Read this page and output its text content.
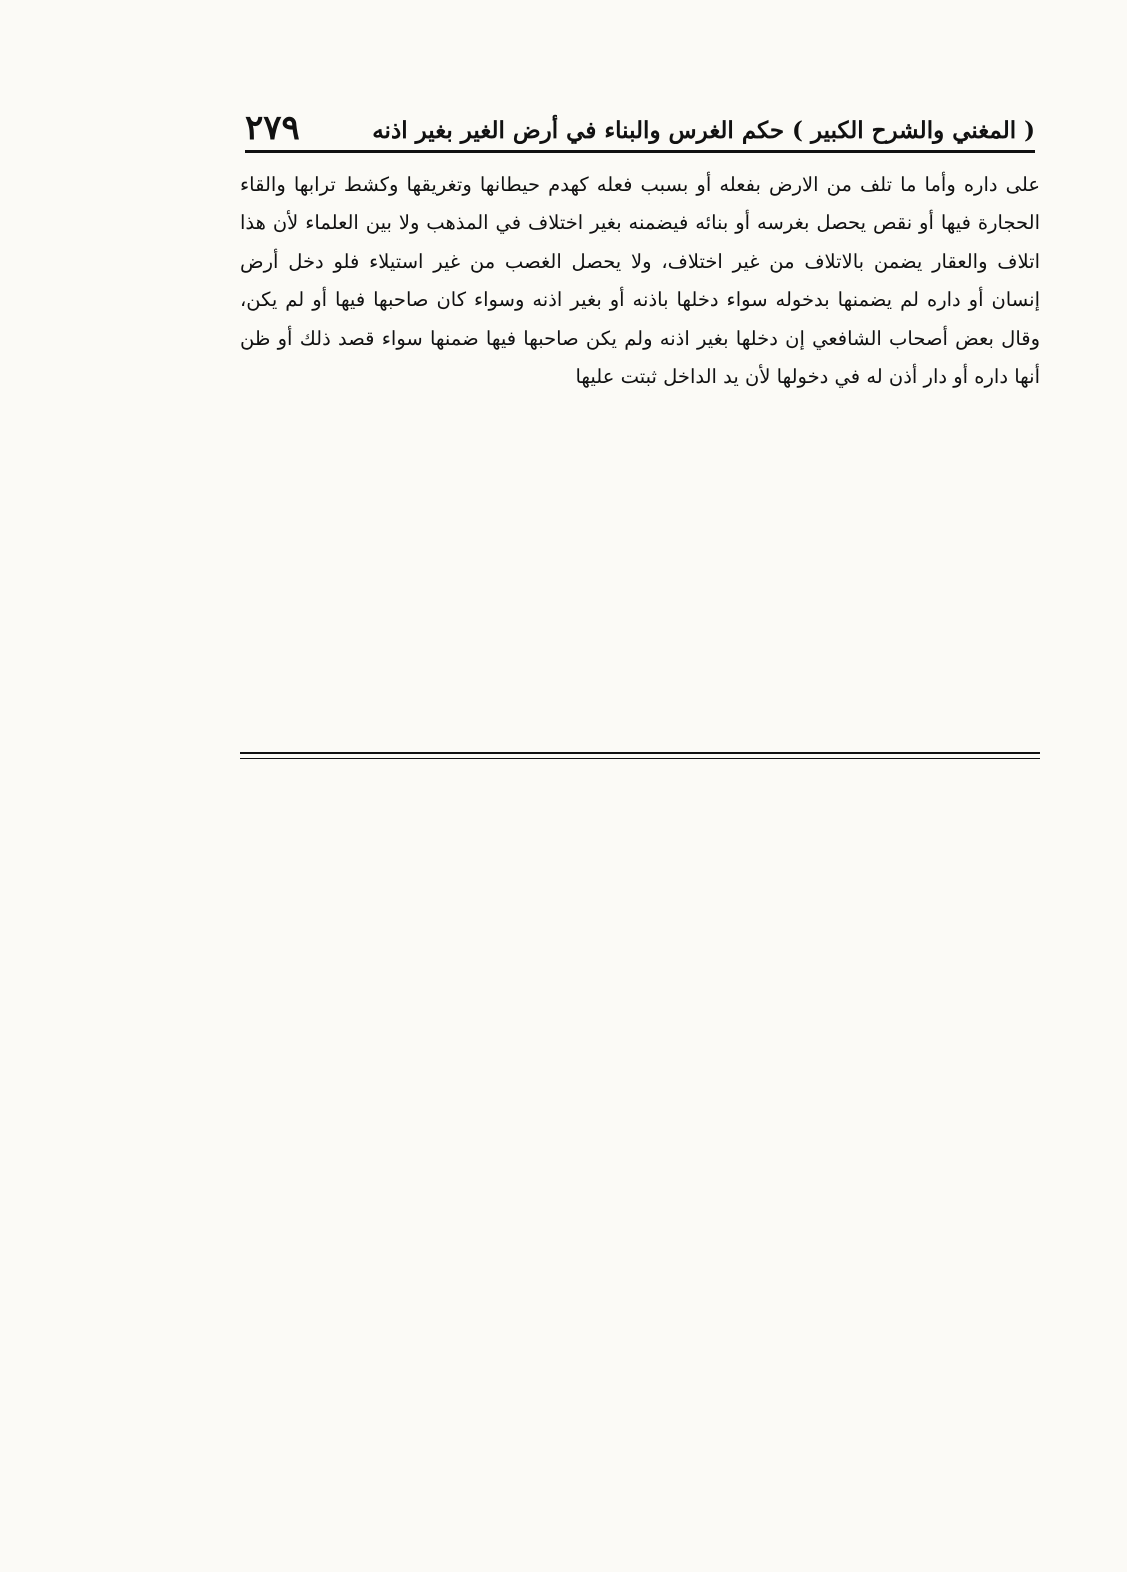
( المغني والشرح الكبير ) حكم الغرس والبناء في أرض الغير بغير اذنه
٢٧٩

على داره وأما ما تلف من الارض بفعله أو بسبب فعله كهدم حيطانها وتغريقها وكشط ترابها والقاء الحجارة فيها أو نقص يحصل بغرسه أو بنائه فيضمنه بغير اختلاف في المذهب ولا بين العلماء لأن هذا اتلاف والعقار يضمن بالاتلاف من غير اختلاف، ولا يحصل الغصب من غير استيلاء فلو دخل أرض إنسان أو داره لم يضمنها بدخوله سواء دخلها باذنه أو بغير اذنه وسواء كان صاحبها فيها أو لم يكن، وقال بعض أصحاب الشافعي إن دخلها بغير اذنه ولم يكن صاحبها فيها ضمنها سواء قصد ذلك أو ظن أنها داره أو دار أذن له في دخولها لأن يد الداخل ثبتت عليها
